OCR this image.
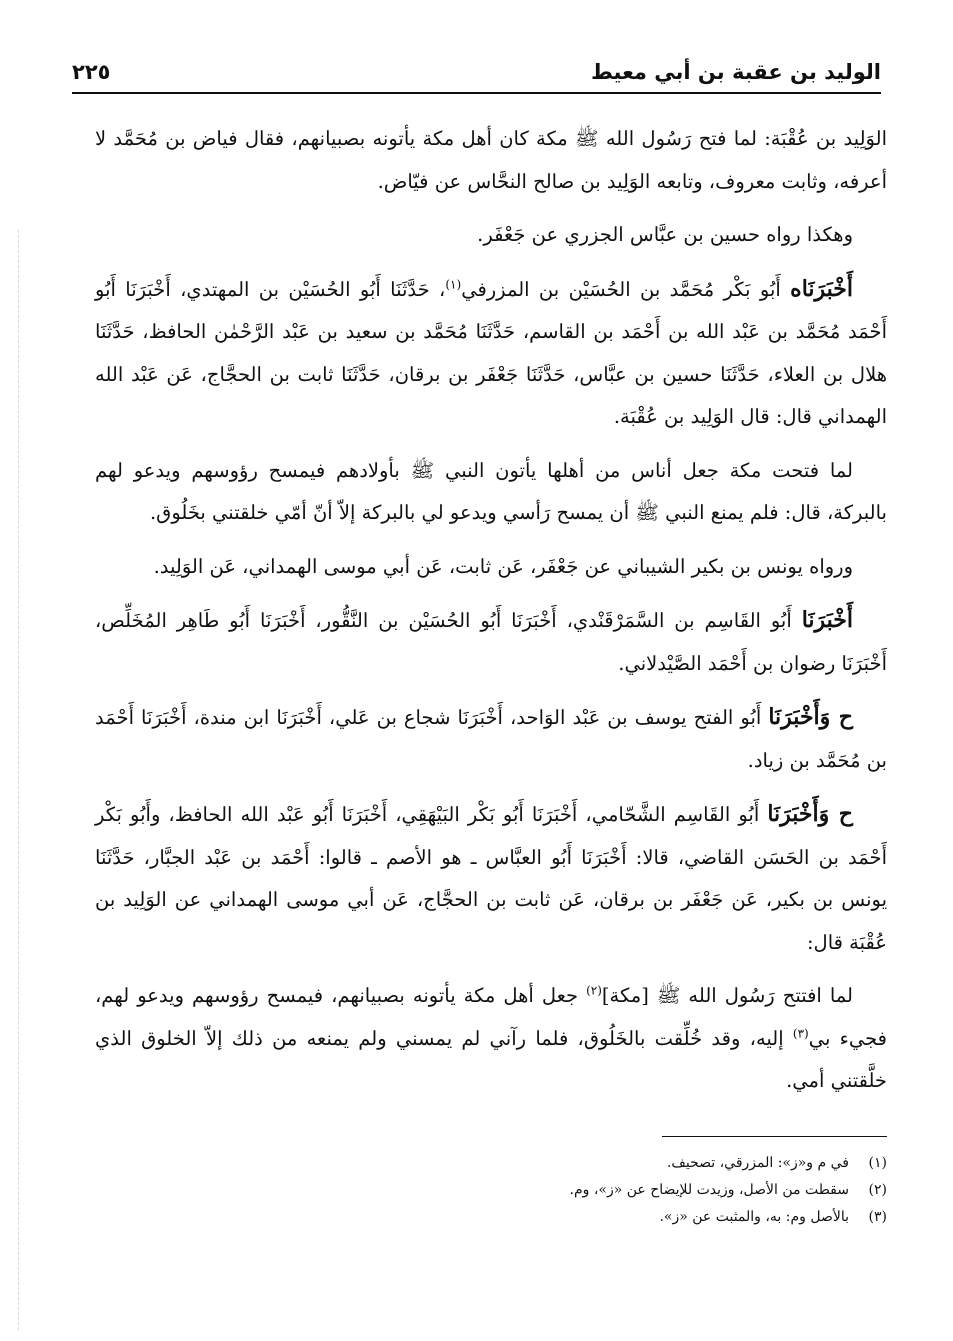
الوليد بن عقبة بن أبي معيط
٢٢٥

الوَلِيد بن عُقْبَة: لما فتح رَسُول الله ﷺ مكة كان أهل مكة يأتونه بصبيانهم، فقال فياض بن مُحَمَّد لا أعرفه، وثابت معروف، وتابعه الوَلِيد بن صالح النحَّاس عن فيّاض.

وهكذا رواه حسين بن عبَّاس الجزري عن جَعْفَر.

أَخْبَرَنَاه أَبُو بَكْر مُحَمَّد بن الحُسَيْن بن المزرفي$^{(١)}$، حَدَّثَنَا أَبُو الحُسَيْن بن المهتدي، أَخْبَرَنَا أَبُو أَحْمَد مُحَمَّد بن عَبْد الله بن أَحْمَد بن القاسم، حَدَّثَنَا مُحَمَّد بن سعيد بن عَبْد الرَّحْمٰن الحافظ، حَدَّثَنَا هلال بن العلاء، حَدَّثَنَا حسين بن عبَّاس، حَدَّثَنَا جَعْفَر بن برقان، حَدَّثَنَا ثابت بن الحجَّاج، عَن عَبْد الله الهمداني قال: قال الوَلِيد بن عُقْبَة.

لما فتحت مكة جعل أناس من أهلها يأتون النبي ﷺ بأولادهم فيمسح رؤوسهم ويدعو لهم بالبركة، قال: فلم يمنع النبي ﷺ أن يمسح رَأسي ويدعو لي بالبركة إلاّ أنّ أمّي خلقتني بخَلُوق.

ورواه يونس بن بكير الشيباني عن جَعْفَر، عَن ثابت، عَن أبي موسى الهمداني، عَن الوَلِيد.

أَخْبَرَنَا أَبُو القَاسِم بن السَّمَرْقَنْدي، أَخْبَرَنَا أَبُو الحُسَيْن بن النَّقُّور، أَخْبَرَنَا أَبُو طَاهِر المُخَلِّص، أَخْبَرَنَا رضوان بن أَحْمَد الصَّيْدلاني.

ح وَأَخْبَرَنَا أَبُو الفتح يوسف بن عَبْد الوَاحد، أَخْبَرَنَا شجاع بن عَلي، أَخْبَرَنَا ابن مندة، أَخْبَرَنَا أَحْمَد بن مُحَمَّد بن زياد.

ح وَأَخْبَرَنَا أَبُو القَاسِم الشَّحّامي، أَخْبَرَنَا أَبُو بَكْر البَيْهَقِي، أَخْبَرَنَا أَبُو عَبْد الله الحافظ، وأَبُو بَكْر أَحْمَد بن الحَسَن القاضي، قالا: أَخْبَرَنَا أَبُو العبَّاس ـ هو الأصم ـ قالوا: أَحْمَد بن عَبْد الجبَّار، حَدَّثَنَا يونس بن بكير، عَن جَعْفَر بن برقان، عَن ثابت بن الحجَّاج، عَن أبي موسى الهمداني عن الوَلِيد بن عُقْبَة قال:

لما افتتح رَسُول الله ﷺ [مكة]$^{(٢)}$ جعل أهل مكة يأتونه بصبيانهم، فيمسح رؤوسهم ويدعو لهم، فجيء بي$^{(٣)}$ إليه، وقد خُلِّقت بالخَلُوق، فلما رآني لم يمسني ولم يمنعه من ذلك إلاّ الخلوق الذي خلَّقتني أمي.

(١)
في م و«ز»: المزرقي، تصحيف.

(٢)
سقطت من الأصل، وزيدت للإيضاح عن «ز»، وم.

(٣)
بالأصل وم: به، والمثبت عن «ز».
